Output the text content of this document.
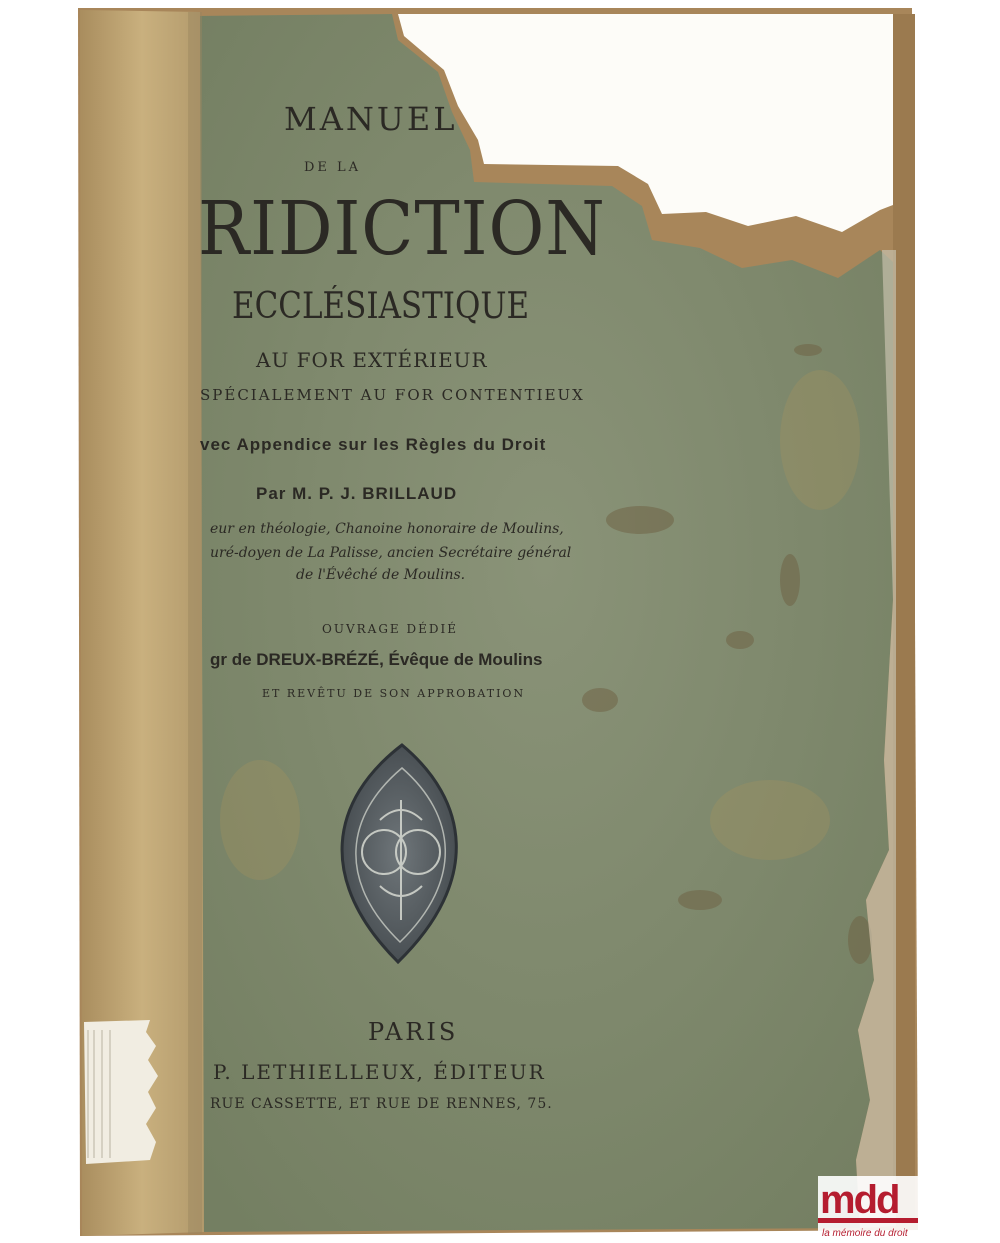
MANUEL
DE LA
RIDICTION
ECCLÉSIASTIQUE
AU FOR EXTÉRIEUR
SPÉCIALEMENT AU FOR CONTENTIEUX
vec Appendice sur les Règles du Droit
Par M. P. J. BRILLAUD
eur en théologie, Chanoine honoraire de Moulins,
uré-doyen de La Palisse, ancien Secrétaire général
de l'Évêché de Moulins.
OUVRAGE DÉDIÉ
gr de DREUX-BRÉZÉ, Évêque de Moulins
ET REVÊTU DE SON APPROBATION
PARIS
P. LETHIELLEUX, ÉDITEUR
RUE CASSETTE, ET RUE DE RENNES, 75.
mdd
la mémoire du droit
